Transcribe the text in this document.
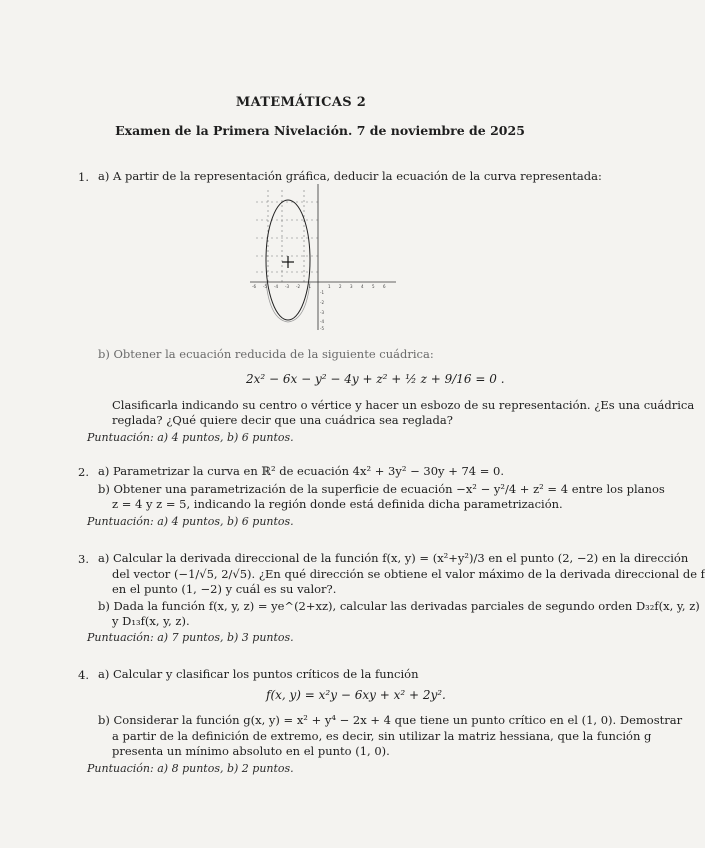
MATEMÁTICAS 2
Examen de la Primera Nivelación. 7 de noviembre de 2025
1. a) A partir de la representación gráfica, deducir la ecuación de la curva representada:
-6 -5 -4 -3 -2 -1	1 2 3 4 5 6
-1
-2
-3
-4
-5
b) Obtener la ecuación reducida de la siguiente cuádrica:
2x² − 6x − y² − 4y + z² + ½ z + 9/16 = 0 .
Clasificarla indicando su centro o vértice y hacer un esbozo de su representación. ¿Es una cuádrica
reglada? ¿Qué quiere decir que una cuádrica sea reglada?
Puntuación: a) 4 puntos, b) 6 puntos.
2. a) Parametrizar la curva en ℝ² de ecuación 4x² + 3y² − 30y + 74 = 0.
b) Obtener una parametrización de la superficie de ecuación −x² − y²/4 + z² = 4 entre los planos
z = 4 y z = 5, indicando la región donde está definida dicha parametrización.
Puntuación: a) 4 puntos, b) 6 puntos.
3. a) Calcular la derivada direccional de la función f(x, y) = (x²+y²)/3 en el punto (2, −2) en la dirección
del vector (−1/√5, 2/√5). ¿En qué dirección se obtiene el valor máximo de la derivada direccional de f
en el punto (1, −2) y cuál es su valor?.
b) Dada la función f(x, y, z) = ye^(2+xz), calcular las derivadas parciales de segundo orden D₃₂f(x, y, z)
y D₁₃f(x, y, z).
Puntuación: a) 7 puntos, b) 3 puntos.
4. a) Calcular y clasificar los puntos críticos de la función
f(x, y) = x²y − 6xy + x² + 2y².
b) Considerar la función g(x, y) = x² + y⁴ − 2x + 4 que tiene un punto crítico en el (1, 0). Demostrar
a partir de la definición de extremo, es decir, sin utilizar la matriz hessiana, que la función g
presenta un mínimo absoluto en el punto (1, 0).
Puntuación: a) 8 puntos, b) 2 puntos.
